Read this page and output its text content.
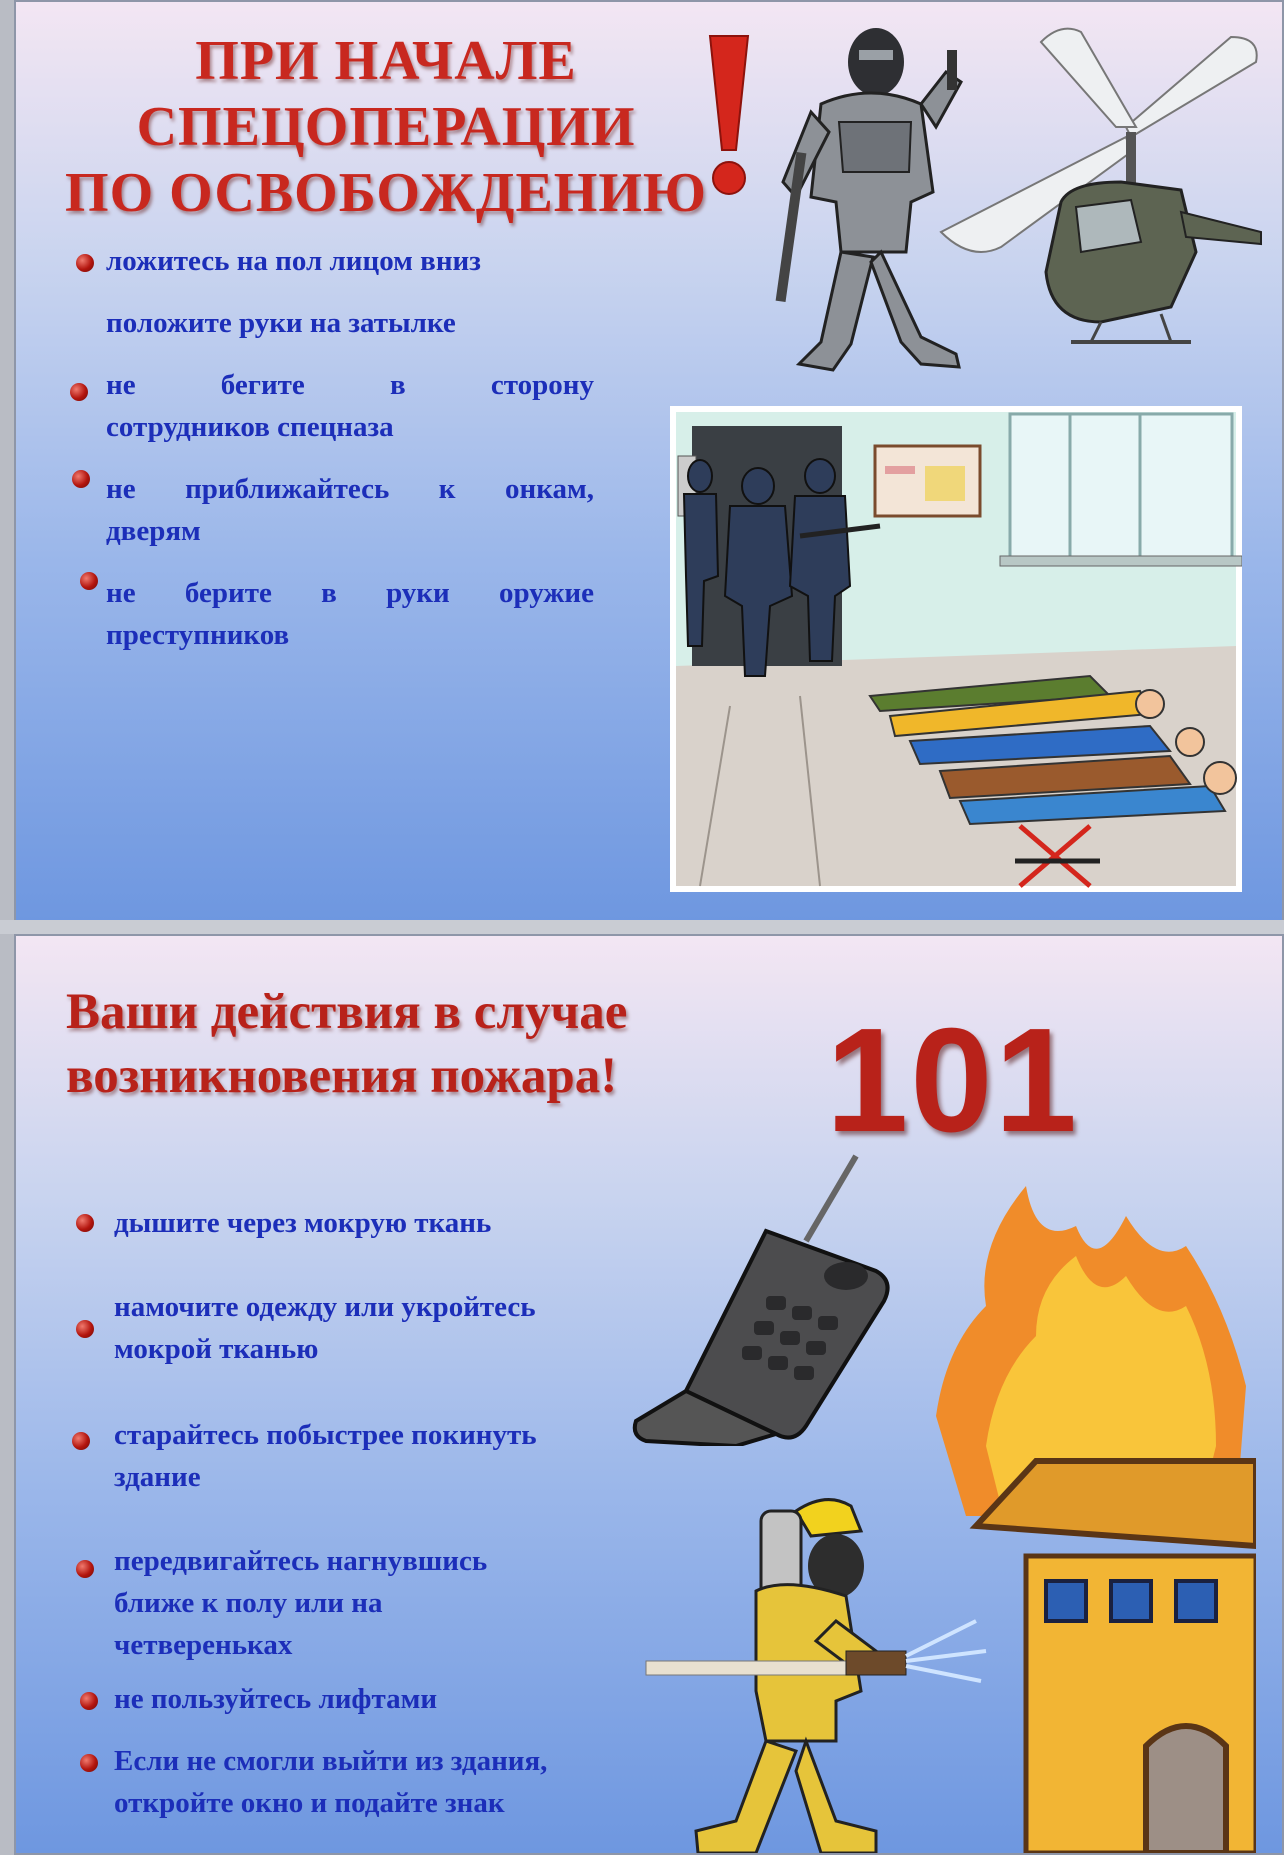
ПРИ НАЧАЛЕ
СПЕЦОПЕРАЦИИ
ПО ОСВОБОЖДЕНИЮ
ложитесь на пол лицом вниз
положите руки на затылке
не бегите в сторону
сотрудников спецназа
не приближайтесь к онкам,
дверям
не берите в руки оружие
преступников
Ваши действия в случае
возникновения пожара!	101
дышите через мокрую ткань
намочите одежду или укройтесь
мокрой тканью
старайтесь побыстрее покинуть
здание
передвигайтесь нагнувшись
ближе к полу или на
четвереньках
не пользуйтесь лифтами
Если не смогли выйти из здания,
откройте окно и подайте знак
